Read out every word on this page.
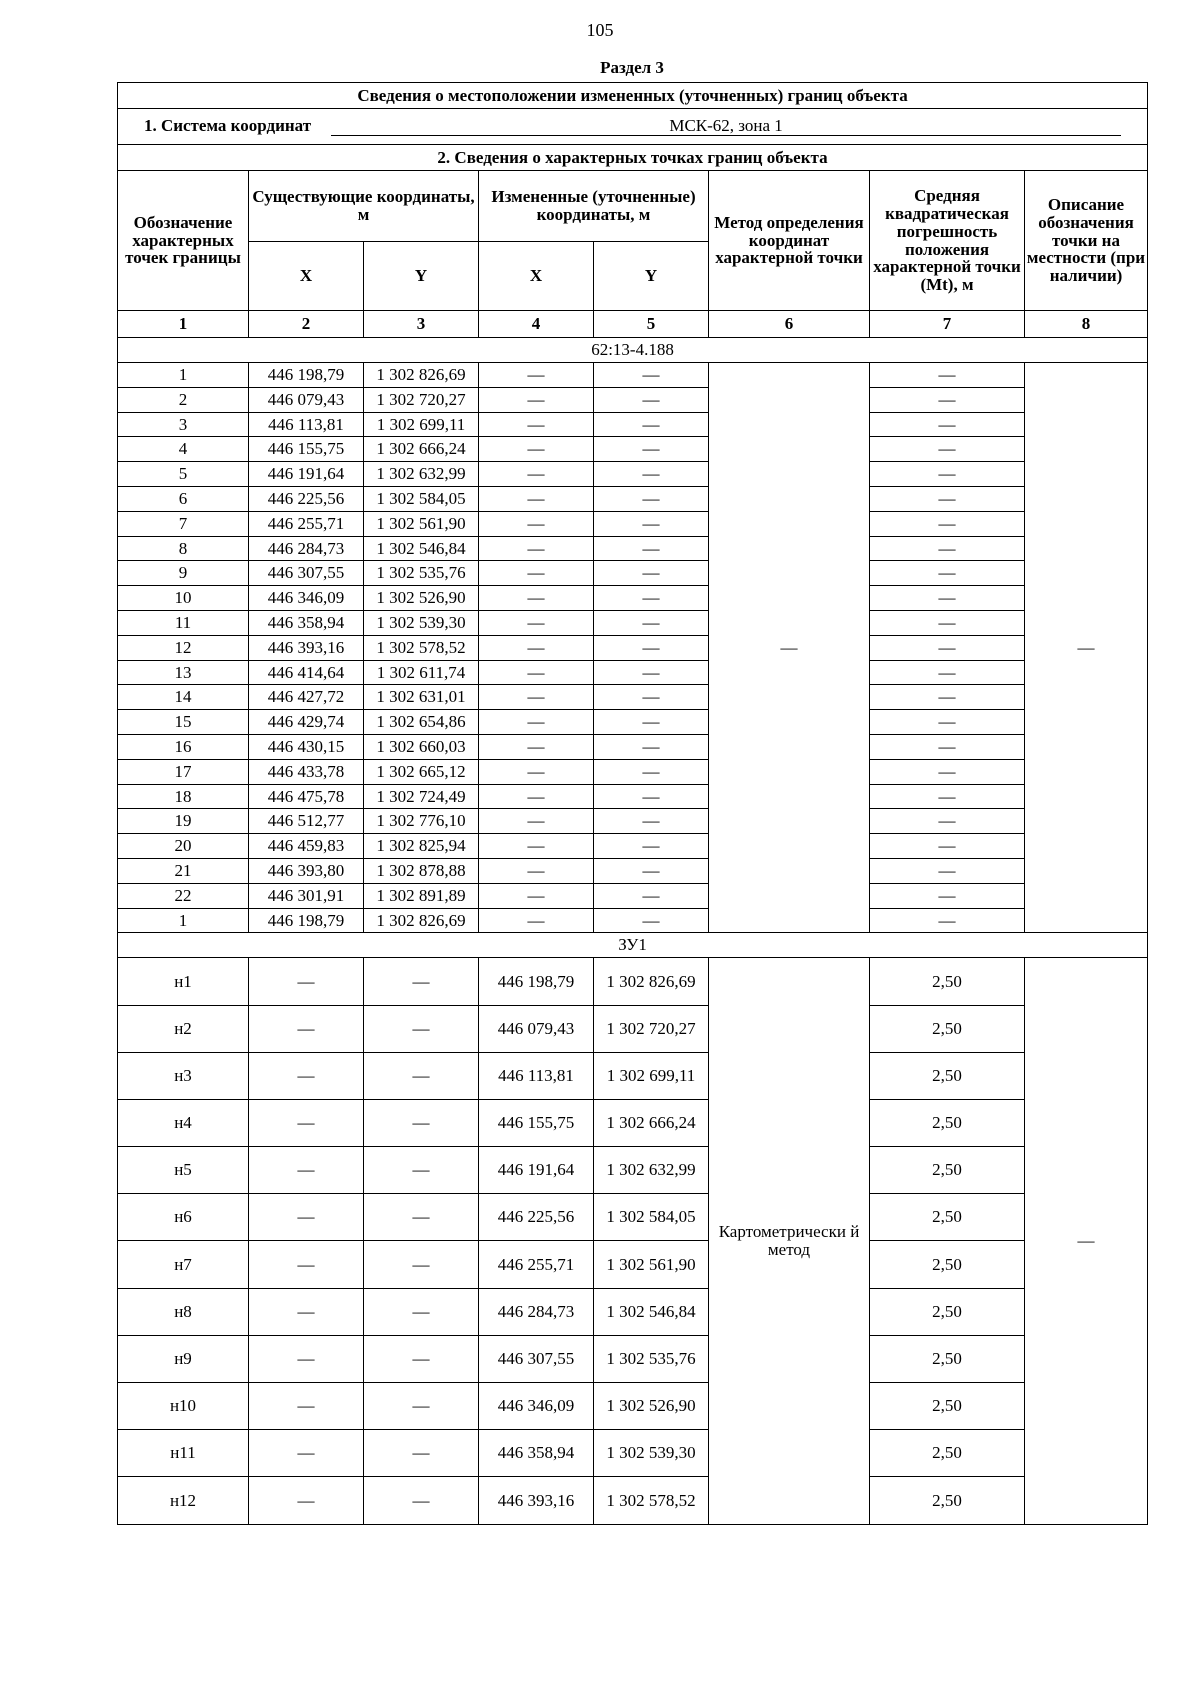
105
Раздел 3
Сведения о местоположении измененных (уточненных) границ объекта							
1. Система координат МСК-62, зона 1							
2. Сведения о характерных точках границ объекта							
Обозначение характерных точек границы	Существующие координаты, м		Измененные (уточненные) координаты, м		Метод определения координат характерной точки	Средняя квадратическая погрешность положения характерной точки (Mt), м	Описание обозначения точки на местности (при наличии)
	X	Y	X	Y			
1	2	3	4	5	6	7	8
62:13-4.188							
1	446 198,79	1 302 826,69	—	—	—	—	—
2	446 079,43	1 302 720,27	—	—		—	
3	446 113,81	1 302 699,11	—	—		—	
4	446 155,75	1 302 666,24	—	—		—	
5	446 191,64	1 302 632,99	—	—		—	
6	446 225,56	1 302 584,05	—	—		—	
7	446 255,71	1 302 561,90	—	—		—	
8	446 284,73	1 302 546,84	—	—		—	
9	446 307,55	1 302 535,76	—	—		—	
10	446 346,09	1 302 526,90	—	—		—	
11	446 358,94	1 302 539,30	—	—		—	
12	446 393,16	1 302 578,52	—	—		—	
13	446 414,64	1 302 611,74	—	—		—	
14	446 427,72	1 302 631,01	—	—		—	
15	446 429,74	1 302 654,86	—	—		—	
16	446 430,15	1 302 660,03	—	—		—	
17	446 433,78	1 302 665,12	—	—		—	
18	446 475,78	1 302 724,49	—	—		—	
19	446 512,77	1 302 776,10	—	—		—	
20	446 459,83	1 302 825,94	—	—		—	
21	446 393,80	1 302 878,88	—	—		—	
22	446 301,91	1 302 891,89	—	—		—	
1	446 198,79	1 302 826,69	—	—		—	
ЗУ1							
н1	—	—	446 198,79	1 302 826,69	Картометрически й метод	2,50	—
н2	—	—	446 079,43	1 302 720,27		2,50	
н3	—	—	446 113,81	1 302 699,11		2,50	
н4	—	—	446 155,75	1 302 666,24		2,50	
н5	—	—	446 191,64	1 302 632,99		2,50	
н6	—	—	446 225,56	1 302 584,05		2,50	
н7	—	—	446 255,71	1 302 561,90		2,50	
н8	—	—	446 284,73	1 302 546,84		2,50	
н9	—	—	446 307,55	1 302 535,76		2,50	
н10	—	—	446 346,09	1 302 526,90		2,50	
н11	—	—	446 358,94	1 302 539,30		2,50	
н12	—	—	446 393,16	1 302 578,52		2,50	
